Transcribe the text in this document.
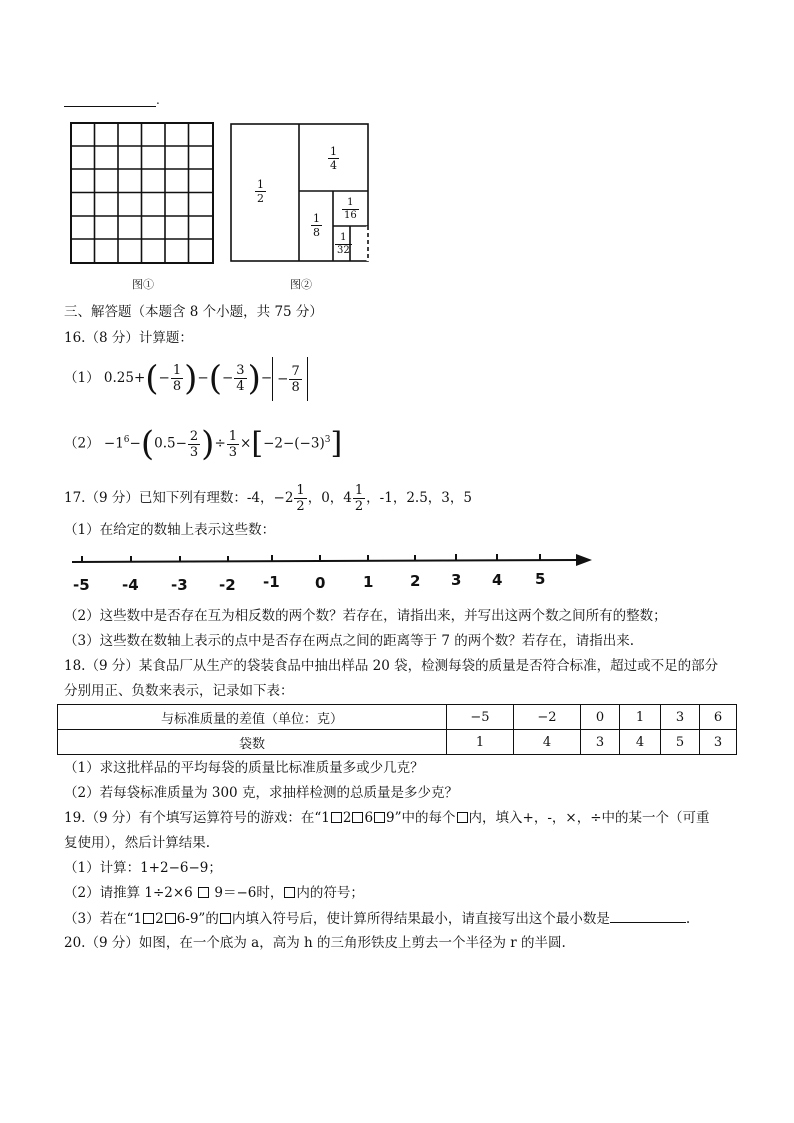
.
图①
$\frac{1}{2}$
$\frac{1}{4}$
$\frac{1}{8}$
$\frac{1}{16}$
$\frac{1}{32}$
图②
三、解答题（本题含 8 个小题，共 75 分）
16.（8 分）计算题：
（1） $0.25+(- \frac{1}{8}$ )−(− $\frac{3}{4}$ )− − $\frac{7}{8}$
$(2) -1^6-(0.5- \frac{2}{3}$ )÷ $\frac{1}{3} \times[-2-(-3)^3]$
17.（9 分）已知下列有理数：-4，$-2 \frac{1}{2}$ ，0，$4 \frac{1}{2}$ ，-1，2.5，3，5
（1）在给定的数轴上表示这些数：
-5 -4 -3 -2 -1 0	1 2 3 4 5
（2）这些数中是否存在互为相反数的两个数？若存在，请指出来，并写出这两个数之间所有的整数；
（3）这些数在数轴上表示的点中是否存在两点之间的距离等于 7 的两个数？若存在，请指出来.
18.（9 分）某食品厂从生产的袋装食品中抽出样品 20 袋，检测每袋的质量是否符合标准，超过或不足的部分
分别用正、负数来表示，记录如下表：
与标准质量的差值（单位：克）	−5	−2	0	1	3	6
袋数	1	4	3	4	5	3
（1）求这批样品的平均每袋的质量比标准质量多或少几克？
（2）若每袋标准质量为 300 克，求抽样检测的总质量是多少克？
19.（9 分）有个填写运算符号的游戏：在“1 2 6 9”中的每个 内，填入+，-，×，÷中的某一个（可重
复使用），然后计算结果.
（1）计算：1+2−6−9；
（2）请推算 1÷2×6  9＝−6时， 内的符号；
（3）若在“1 2 6-9”的 内填入符号后，使计算所得结果最小，请直接写出这个最小数是	.
20.（9 分）如图，在一个底为 a，高为 h 的三角形铁皮上剪去一个半径为 r 的半圆.
